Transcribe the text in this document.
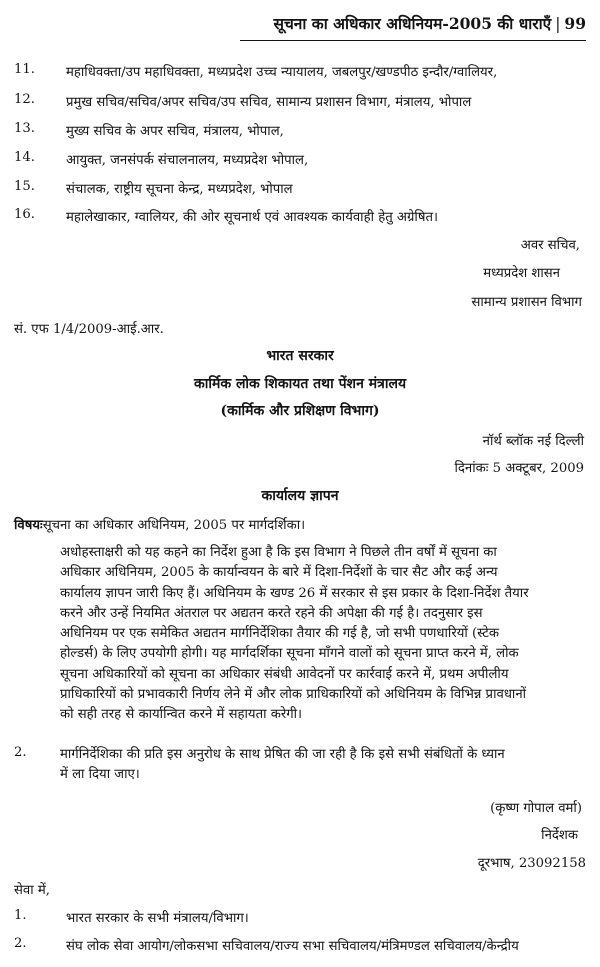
सूचना का अधिकार अधिनियम-2005 की धाराएँ | 99
11.	महाधिवक्ता/उप महाधिवक्ता, मध्यप्रदेश उच्च न्यायालय, जबलपुर/खण्डपीठ इन्दौर/ग्वालियर,
12.	प्रमुख सचिव/सचिव/अपर सचिव/उप सचिव, सामान्य प्रशासन विभाग, मंत्रालय, भोपाल
13.	मुख्य सचिव के अपर सचिव, मंत्रालय, भोपाल,
14.	आयुक्त, जनसंपर्क संचालनालय, मध्यप्रदेश भोपाल,
15.	संचालक, राष्ट्रीय सूचना केन्द्र, मध्यप्रदेश, भोपाल
16.	महालेखाकार, ग्वालियर, की ओर सूचनार्थ एवं आवश्यक कार्यवाही हेतु अग्रेषित।
अवर सचिव,
मध्यप्रदेश शासन
सामान्य प्रशासन विभाग
सं. एफ 1/4/2009-आई.आर.
भारत सरकार
कार्मिक लोक शिकायत तथा पेंशन मंत्रालय
(कार्मिक और प्रशिक्षण विभाग)
नॉर्थ ब्लॉक नई दिल्ली
दिनांकः 5 अक्टूबर, 2009
कार्यालय ज्ञापन
विषयःसूचना का अधिकार अधिनियम, 2005 पर मार्गदर्शिका।
अधोहस्ताक्षरी को यह कहने का निर्देश हुआ है कि इस विभाग ने पिछले तीन वर्षों में सूचना का
अधिकार अधिनियम, 2005 के कार्यान्वयन के बारे में दिशा-निर्देशों के चार सैट और कई अन्य
कार्यालय ज्ञापन जारी किए हैं। अधिनियम के खण्ड 26 में सरकार से इस प्रकार के दिशा-निर्देश तैयार
करने और उन्हें नियमित अंतराल पर अद्यतन करते रहने की अपेक्षा की गई है। तदनुसार इस
अधिनियम पर एक समेकित अद्यतन मार्गनिर्देशिका तैयार की गई है, जो सभी पणधारियों (स्टेक
होल्डर्स) के लिए उपयोगी होगी। यह मार्गदर्शिका सूचना माँगने वालों को सूचना प्राप्त करने में, लोक
सूचना अधिकारियों को सूचना का अधिकार संबंधी आवेदनों पर कार्रवाई करने में, प्रथम अपीलीय
प्राधिकारियों को प्रभावकारी निर्णय लेने में और लोक प्राधिकारियों को अधिनियम के विभिन्न प्रावधानों
को सही तरह से कार्यान्वित करने में सहायता करेगी।
2.	मार्गनिर्देशिका की प्रति इस अनुरोध के साथ प्रेषित की जा रही है कि इसे सभी संबंधितों के ध्यान
में ला दिया जाए।
(कृष्ण गोपाल वर्मा)
निर्देशक
दूरभाष, 23092158
सेवा में,
1.	भारत सरकार के सभी मंत्रालय/विभाग।
2.	संघ लोक सेवा आयोग/लोकसभा सचिवालय/राज्य सभा सचिवालय/मंत्रिमण्डल सचिवालय/केन्द्रीय
